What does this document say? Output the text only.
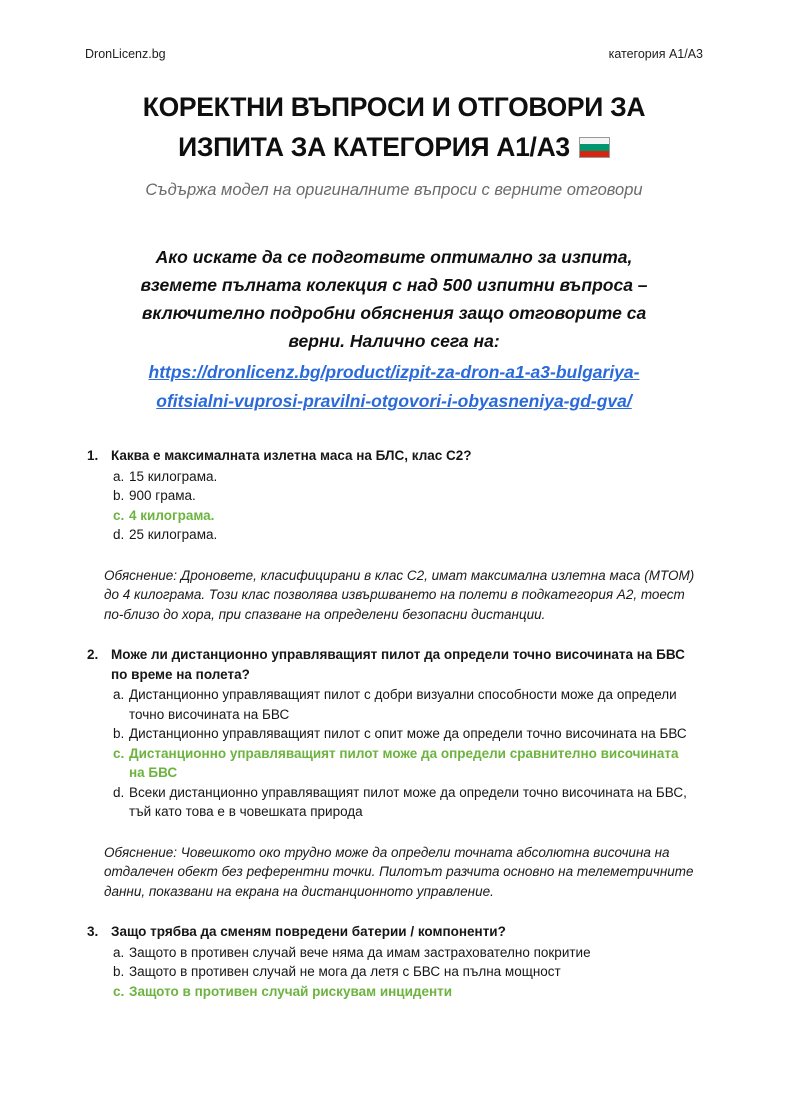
DronLicenz.bg	категория A1/A3
КОРЕКТНИ ВЪПРОСИ И ОТГОВОРИ ЗА
ИЗПИТА ЗА КАТЕГОРИЯ A1/A3

Съдържа модел на оригиналните въпроси с верните отговори

Ако искате да се подготвите оптимално за изпита, вземете пълната колекция с над 500 изпитни въпроса – включително подробни обяснения защо отговорите са верни. Налично сега на:

https://dronlicenz.bg/product/izpit-za-dron-a1-a3-bulgariya-ofitsialni-vuprosi-pravilni-otgovori-i-obyasneniya-gd-gva/

1. Каква е максималната излетна маса на БЛС, клас C2?
a. 15 килограма.
b. 900 грама.
c. 4 килограма.
d. 25 килограма.

Обяснение: Дроновете, класифицирани в клас C2, имат максимална излетна маса (MTOM) до 4 килограма. Този клас позволява извършването на полети в подкатегория A2, тоест по-близо до хора, при спазване на определени безопасни дистанции.

2. Може ли дистанционно управляващият пилот да определи точно височината на БВС по време на полета?
a. Дистанционно управляващият пилот с добри визуални способности може да определи точно височината на БВС
b. Дистанционно управляващият пилот с опит може да определи точно височината на БВС
c. Дистанционно управляващият пилот може да определи сравнително височината на БВС
d. Всеки дистанционно управляващият пилот може да определи точно височината на БВС, тъй като това е в човешката природа

Обяснение: Човешкото око трудно може да определи точната абсолютна височина на отдалечен обект без референтни точки. Пилотът разчита основно на телеметричните данни, показвани на екрана на дистанционното управление.

3. Защо трябва да сменям повредени батерии / компоненти?
a. Защото в противен случай вече няма да имам застрахователно покритие
b. Защото в противен случай не мога да летя с БВС на пълна мощност
c. Защото в противен случай рискувам инциденти
